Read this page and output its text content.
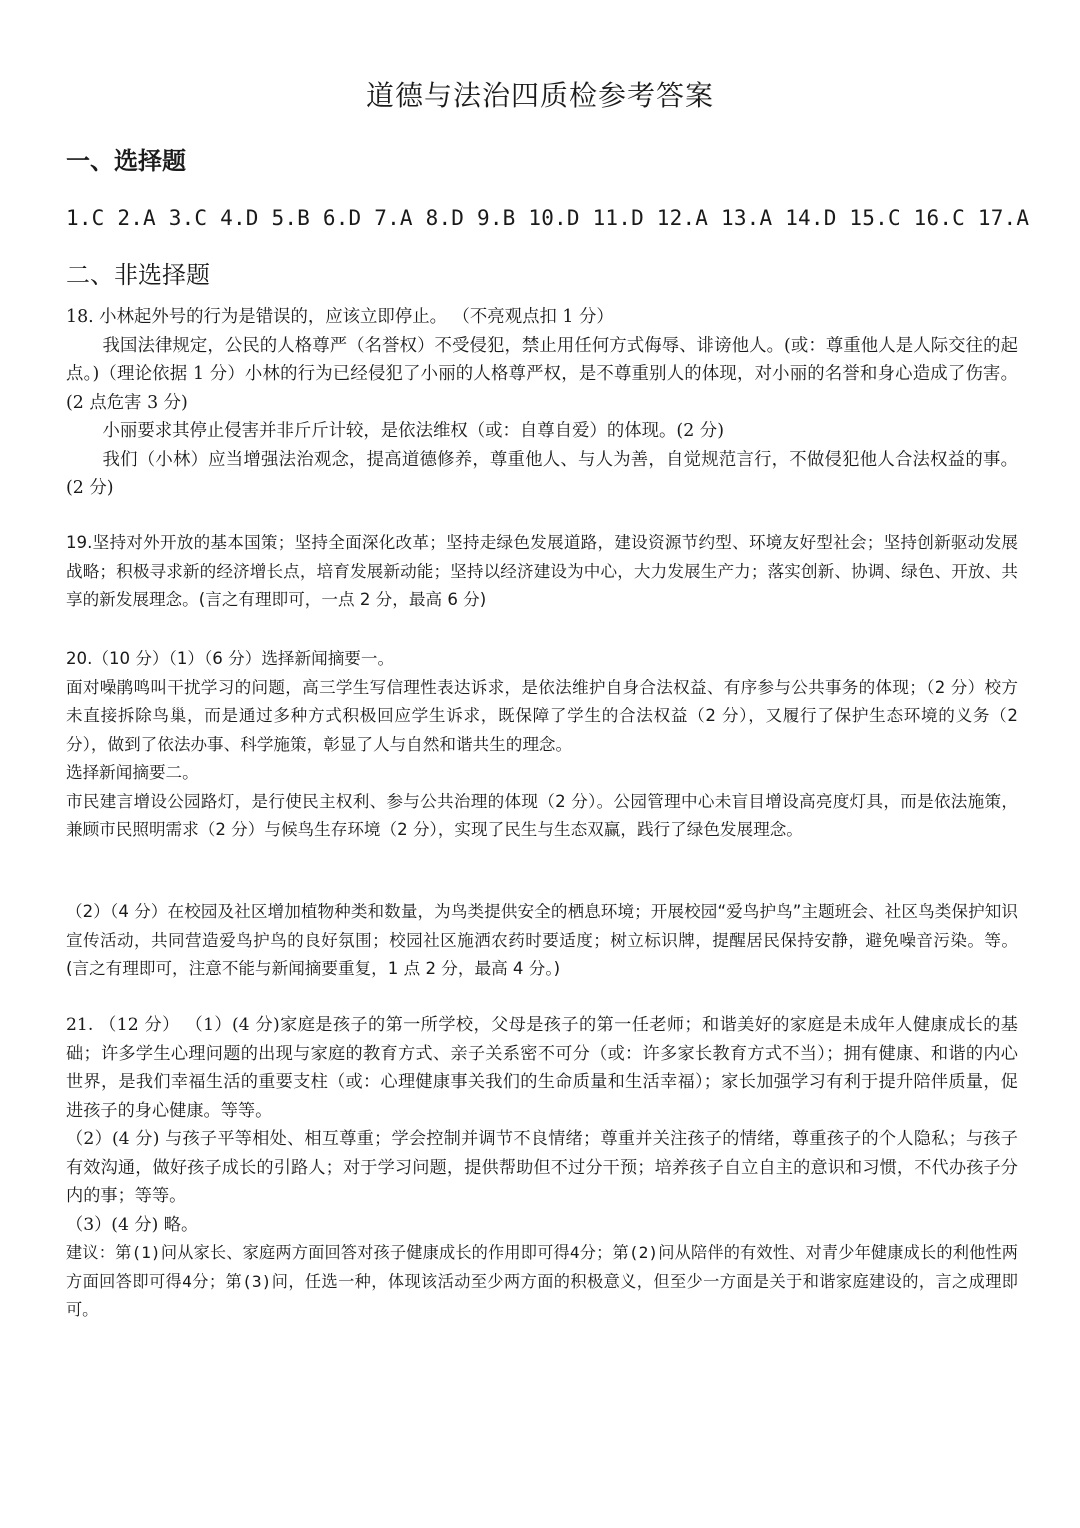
道德与法治四质检参考答案
一、选择题
1.C 2.A 3.C 4.D 5.B 6.D 7.A 8.D 9.B 10.D 11.D 12.A 13.A 14.D 15.C 16.C 17.A
二、非选择题

18. 小林起外号的行为是错误的，应该立即停止。 （不亮观点扣 1 分）

我国法律规定，公民的人格尊严（名誉权）不受侵犯，禁止用任何方式侮辱、诽谤他人。(或：尊重他人是人际交往的起点。)（理论依据 1 分）小林的行为已经侵犯了小丽的人格尊严权，是不尊重别人的体现，对小丽的名誉和身心造成了伤害。(2 点危害 3 分)

小丽要求其停止侵害并非斤斤计较，是依法维权（或：自尊自爱）的体现。(2 分)

我们（小林）应当增强法治观念，提高道德修养，尊重他人、与人为善，自觉规范言行，不做侵犯他人合法权益的事。(2 分)

19.坚持对外开放的基本国策；坚持全面深化改革；坚持走绿色发展道路，建设资源节约型、环境友好型社会；坚持创新驱动发展战略；积极寻求新的经济增长点，培育发展新动能；坚持以经济建设为中心，大力发展生产力；落实创新、协调、绿色、开放、共享的新发展理念。(言之有理即可，一点 2 分，最高 6 分)

20.（10 分）（1）（6 分）选择新闻摘要一。

面对噪鹃鸣叫干扰学习的问题，高三学生写信理性表达诉求，是依法维护自身合法权益、有序参与公共事务的体现；（2 分）校方未直接拆除鸟巢，而是通过多种方式积极回应学生诉求，既保障了学生的合法权益（2 分），又履行了保护生态环境的义务（2 分），做到了依法办事、科学施策，彰显了人与自然和谐共生的理念。

选择新闻摘要二。

市民建言增设公园路灯，是行使民主权利、参与公共治理的体现（2 分）。公园管理中心未盲目增设高亮度灯具，而是依法施策，兼顾市民照明需求（2 分）与候鸟生存环境（2 分），实现了民生与生态双赢，践行了绿色发展理念。

（2）（4 分）在校园及社区增加植物种类和数量，为鸟类提供安全的栖息环境；开展校园“爱鸟护鸟”主题班会、社区鸟类保护知识宣传活动，共同营造爱鸟护鸟的良好氛围；校园社区施洒农药时要适度；树立标识牌，提醒居民保持安静，避免噪音污染。等。(言之有理即可，注意不能与新闻摘要重复，1 点 2 分，最高 4 分。)

21. （12 分） （1）(4 分)家庭是孩子的第一所学校，父母是孩子的第一任老师；和谐美好的家庭是未成年人健康成长的基础；许多学生心理问题的出现与家庭的教育方式、亲子关系密不可分（或：许多家长教育方式不当）；拥有健康、和谐的内心世界，是我们幸福生活的重要支柱（或：心理健康事关我们的生命质量和生活幸福）；家长加强学习有利于提升陪伴质量，促进孩子的身心健康。等等。

（2）(4 分) 与孩子平等相处、相互尊重；学会控制并调节不良情绪；尊重并关注孩子的情绪，尊重孩子的个人隐私；与孩子有效沟通，做好孩子成长的引路人；对于学习问题，提供帮助但不过分干预；培养孩子自立自主的意识和习惯，不代办孩子分内的事；等等。

（3）(4 分) 略。

建议：第(1)问从家长、家庭两方面回答对孩子健康成长的作用即可得4分；第(2)问从陪伴的有效性、对青少年健康成长的利他性两方面回答即可得4分；第(3)问，任选一种，体现该活动至少两方面的积极意义，但至少一方面是关于和谐家庭建设的，言之成理即可。
